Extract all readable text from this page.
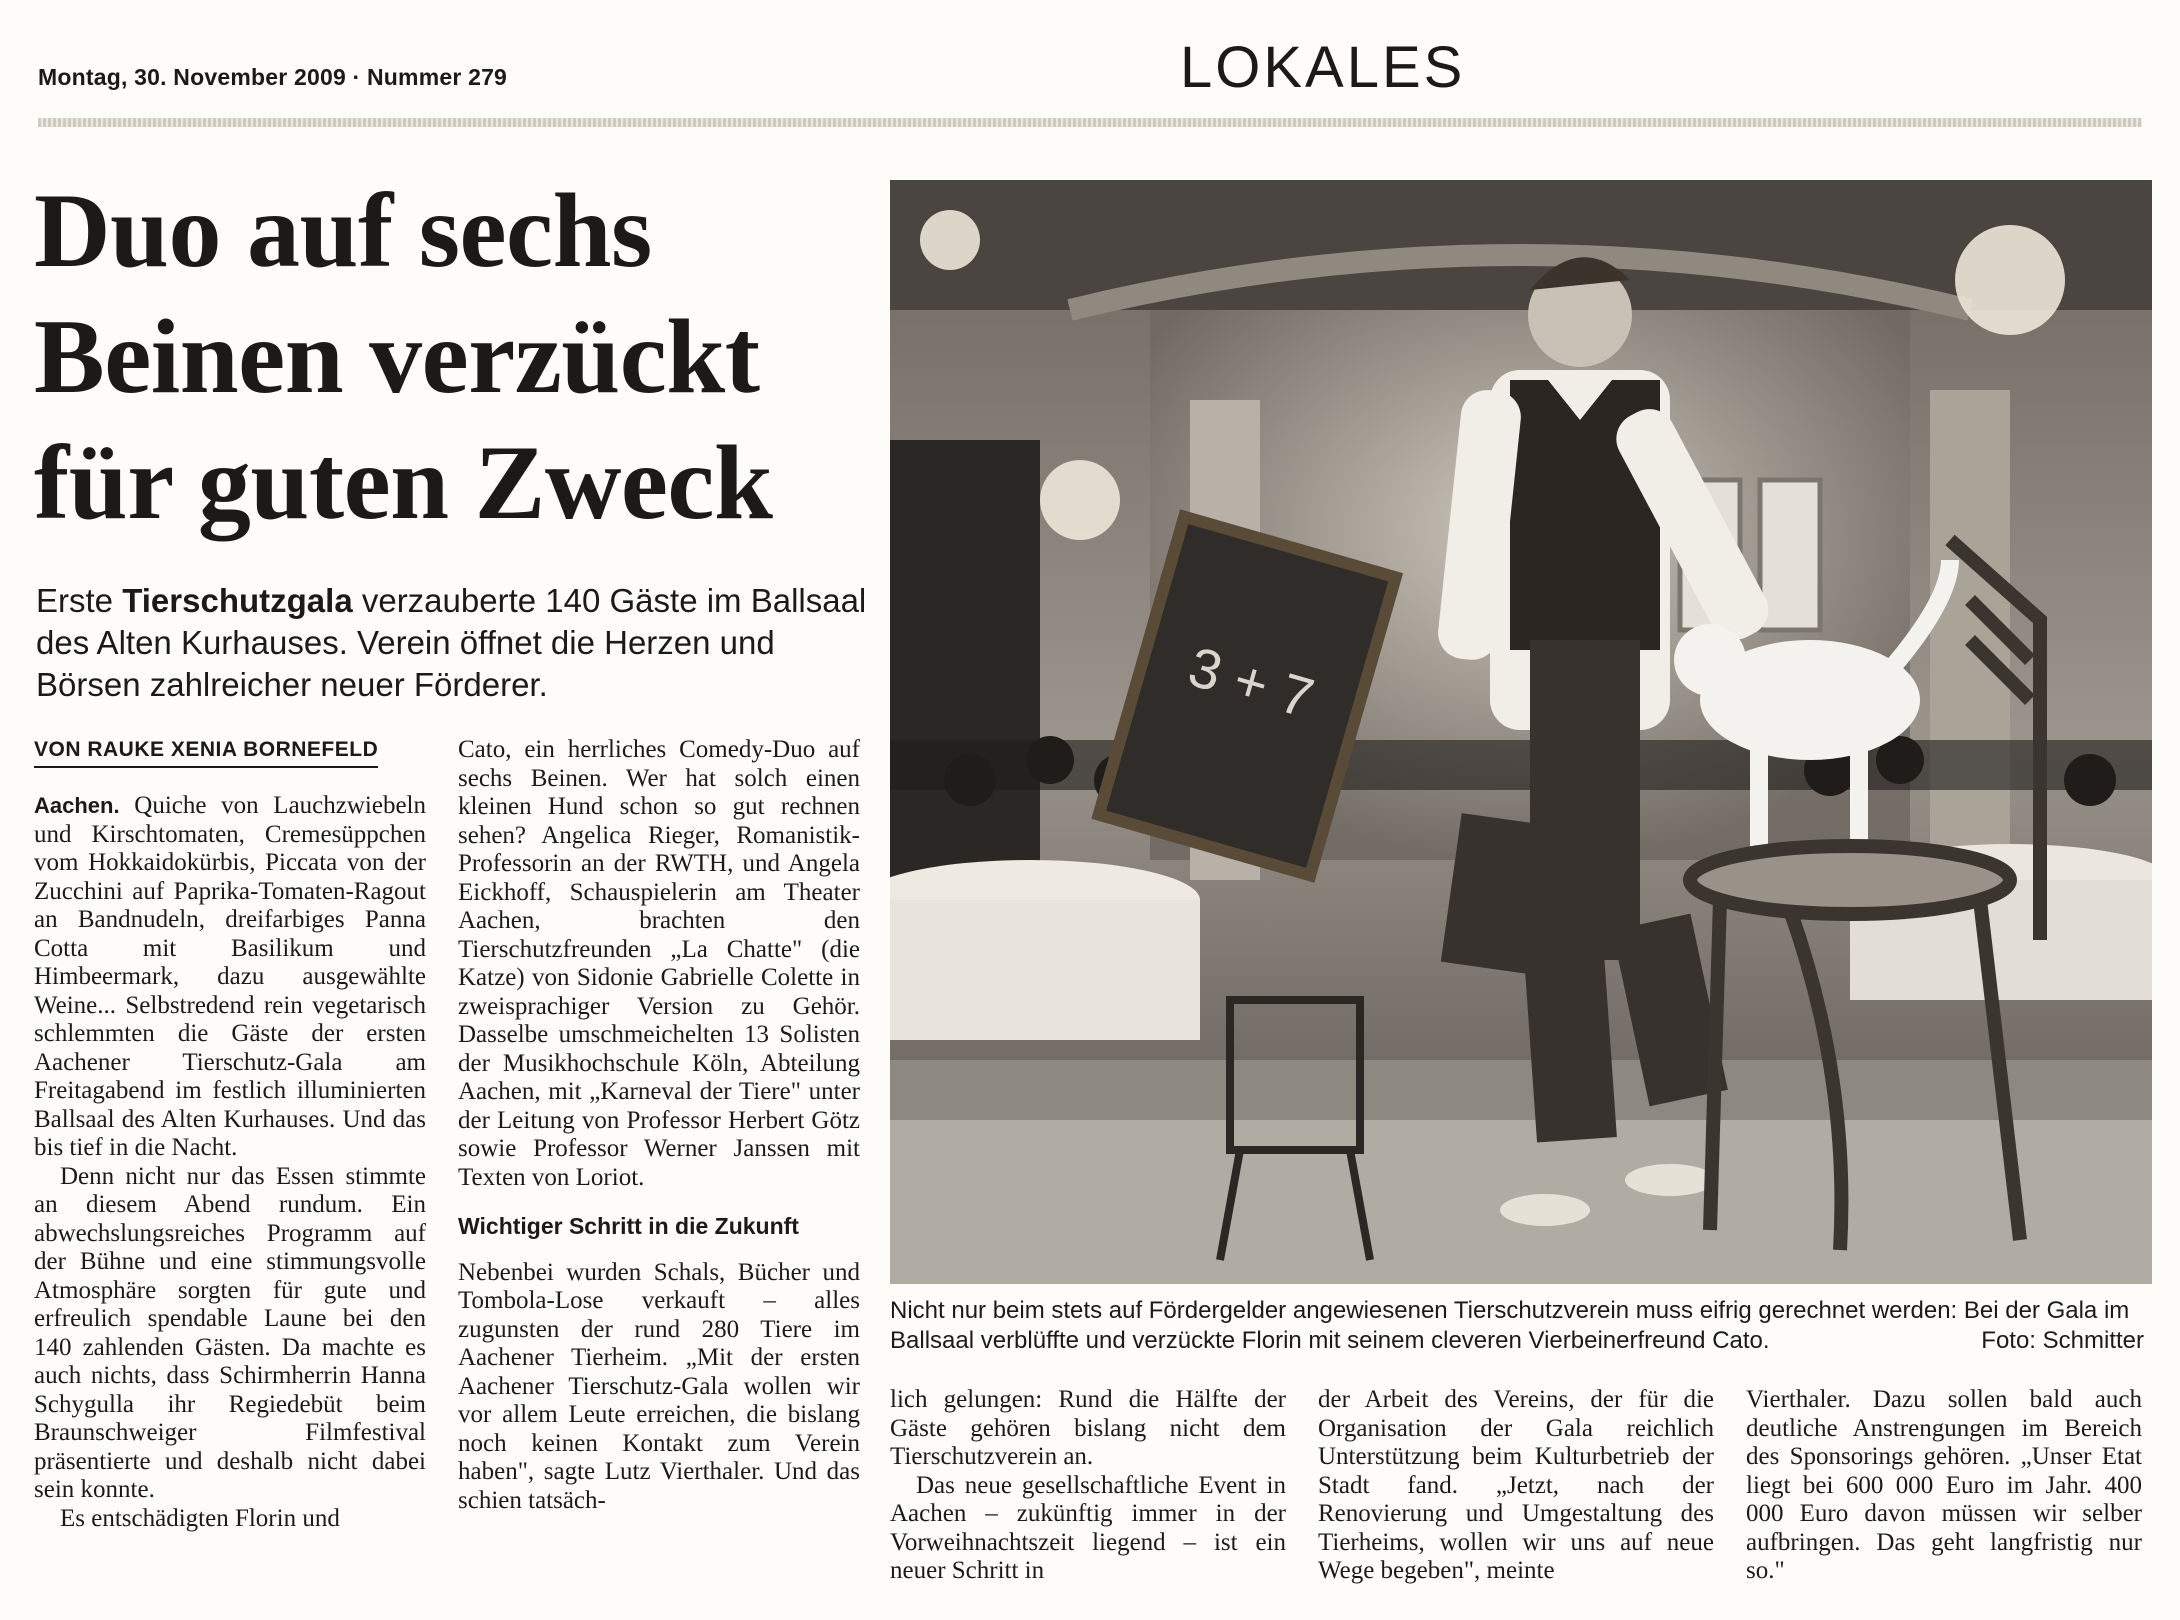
Montag, 30. November 2009 · Nummer 279	LOKALES
Duo auf sechs
Beinen verzückt
für guten Zweck
Erste Tierschutzgala verzauberte 140 Gäste im Ballsaal des Alten Kurhauses. Verein öffnet die Herzen und Börsen zahlreicher neuer Förderer.
VON RAUKE XENIA BORNEFELD

Aachen. Quiche von Lauchzwiebeln und Kirschtomaten, Cremesüppchen vom Hokkaidokürbis, Piccata von der Zucchini auf Paprika-Tomaten-Ragout an Bandnudeln, dreifarbiges Panna Cotta mit Basilikum und Himbeermark, dazu ausgewählte Weine... Selbstredend rein vegetarisch schlemmten die Gäste der ersten Aachener Tierschutz-Gala am Freitagabend im festlich illuminierten Ballsaal des Alten Kurhauses. Und das bis tief in die Nacht.

Denn nicht nur das Essen stimmte an diesem Abend rundum. Ein abwechslungsreiches Programm auf der Bühne und eine stimmungsvolle Atmosphäre sorgten für gute und erfreulich spendable Laune bei den 140 zahlenden Gästen. Da machte es auch nichts, dass Schirmherrin Hanna Schygulla ihr Regiedebüt beim Braunschweiger Filmfestival präsentierte und deshalb nicht dabei sein konnte.

Es entschädigten Florin und

Cato, ein herrliches Comedy-Duo auf sechs Beinen. Wer hat solch einen kleinen Hund schon so gut rechnen sehen? Angelica Rieger, Romanistik-Professorin an der RWTH, und Angela Eickhoff, Schauspielerin am Theater Aachen, brachten den Tierschutzfreunden „La Chatte" (die Katze) von Sidonie Gabrielle Colette in zweisprachiger Version zu Gehör. Dasselbe umschmeichelten 13 Solisten der Musikhochschule Köln, Abteilung Aachen, mit „Karneval der Tiere" unter der Leitung von Professor Herbert Götz sowie Professor Werner Janssen mit Texten von Loriot.

Wichtiger Schritt in die Zukunft

Nebenbei wurden Schals, Bücher und Tombola-Lose verkauft – alles zugunsten der rund 280 Tiere im Aachener Tierheim. „Mit der ersten Aachener Tierschutz-Gala wollen wir vor allem Leute erreichen, die bislang noch keinen Kontakt zum Verein haben", sagte Lutz Vierthaler. Und das schien tatsäch-

3 + 7
Nicht nur beim stets auf Fördergelder angewiesenen Tierschutzverein muss eifrig gerechnet werden: Bei der Gala im Ballsaal verblüffte und verzückte Florin mit seinem cleveren Vierbeinerfreund Cato.	Foto: Schmitter

lich gelungen: Rund die Hälfte der Gäste gehören bislang nicht dem Tierschutzverein an.

Das neue gesellschaftliche Event in Aachen – zukünftig immer in der Vorweihnachtszeit liegend – ist ein neuer Schritt in

der Arbeit des Vereins, der für die Organisation der Gala reichlich Unterstützung beim Kulturbetrieb der Stadt fand. „Jetzt, nach der Renovierung und Umgestaltung des Tierheims, wollen wir uns auf neue Wege begeben", meinte

Vierthaler. Dazu sollen bald auch deutliche Anstrengungen im Bereich des Sponsorings gehören. „Unser Etat liegt bei 600 000 Euro im Jahr. 400 000 Euro davon müssen wir selber aufbringen. Das geht langfristig nur so."
